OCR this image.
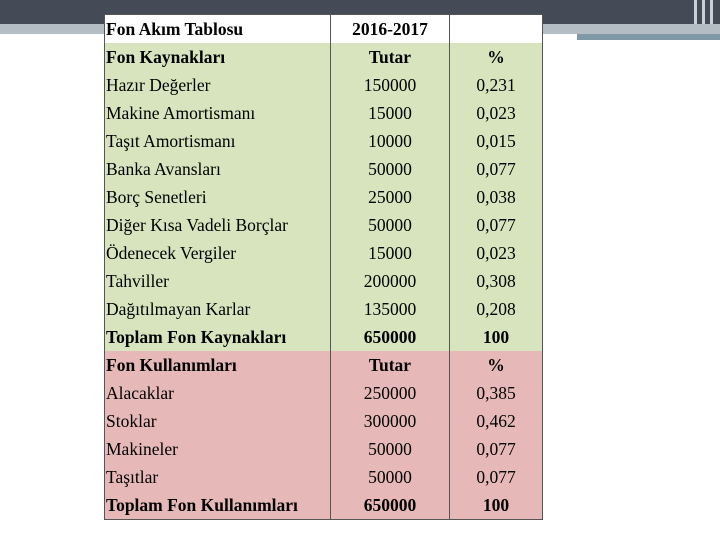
Fon Akım Tablosu	2016-2017	
Fon Kaynakları	Tutar	%
Hazır Değerler	150000	0,231
Makine Amortismanı	15000	0,023
Taşıt Amortismanı	10000	0,015
Banka Avansları	50000	0,077
Borç Senetleri	25000	0,038
Diğer Kısa Vadeli Borçlar	50000	0,077
Ödenecek Vergiler	15000	0,023
Tahviller	200000	0,308
Dağıtılmayan Karlar	135000	0,208
Toplam Fon Kaynakları	650000	100
Fon Kullanımları	Tutar	%
Alacaklar	250000	0,385
Stoklar	300000	0,462
Makineler	50000	0,077
Taşıtlar	50000	0,077
Toplam Fon Kullanımları	650000	100
